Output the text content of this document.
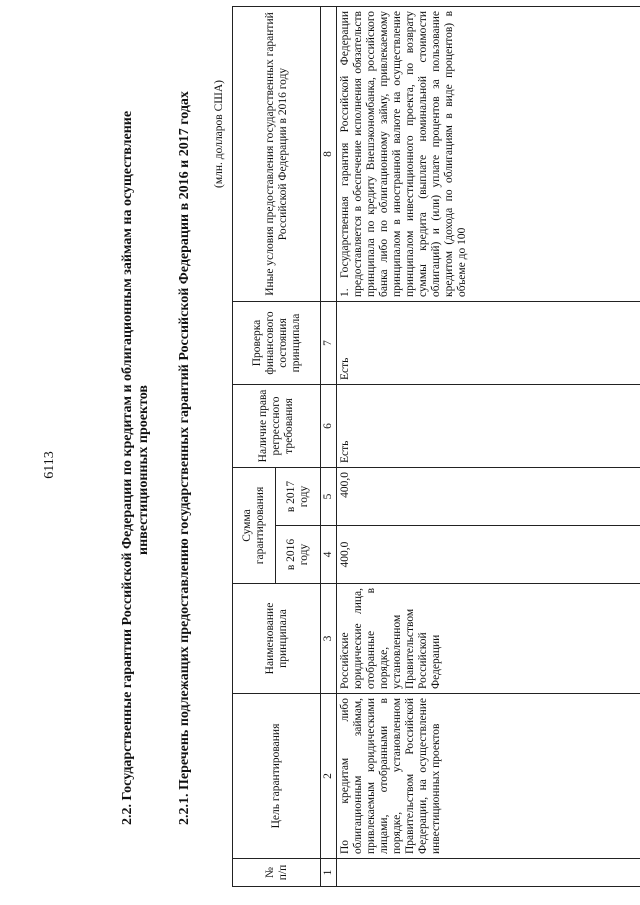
6113	2.2. Государственные гарантии Российской Федерации по кредитам и облигационным займам на осуществление инвестиционных проектов 2.2.1. Перечень подлежащих предоставлению государственных гарантий Российской Федерации в 2016 и 2017 годах (млн. долларов США)
№ п/п	Цель гарантирования	Наименование принципала	Сумма гарантирования		Наличие права регрессного требования	Проверка финансового состояния принципала	Иные условия предоставления государственных гарантий Российской Федерации в 2016 году
			в 2016 году	в 2017 году			
1	2	3	4	5	6	7	8
	По кредитам либо облигационным займам, привлекаемым юридическими лицами, отобранными в порядке, установленном Правительством Российской Федерации, на осуществление инвестиционных проектов	Российские юридические лица, отобранные в порядке, установленном Правительством Российской Федерации	400,0	400,0	Есть	Есть	1. Государственная гарантия Российской Федерации предоставляется в обеспечение исполнения обязательств принципала по кредиту Внешэкономбанка, российского банка либо по облигационному займу, привлекаемому принципалом в иностранной валюте на осуществление принципалом инвестиционного проекта, по возврату суммы кредита (выплате номинальной стоимости облигаций) и (или) уплате процентов за пользование кредитом (дохода по облигациям в виде процентов) в объеме до 100
